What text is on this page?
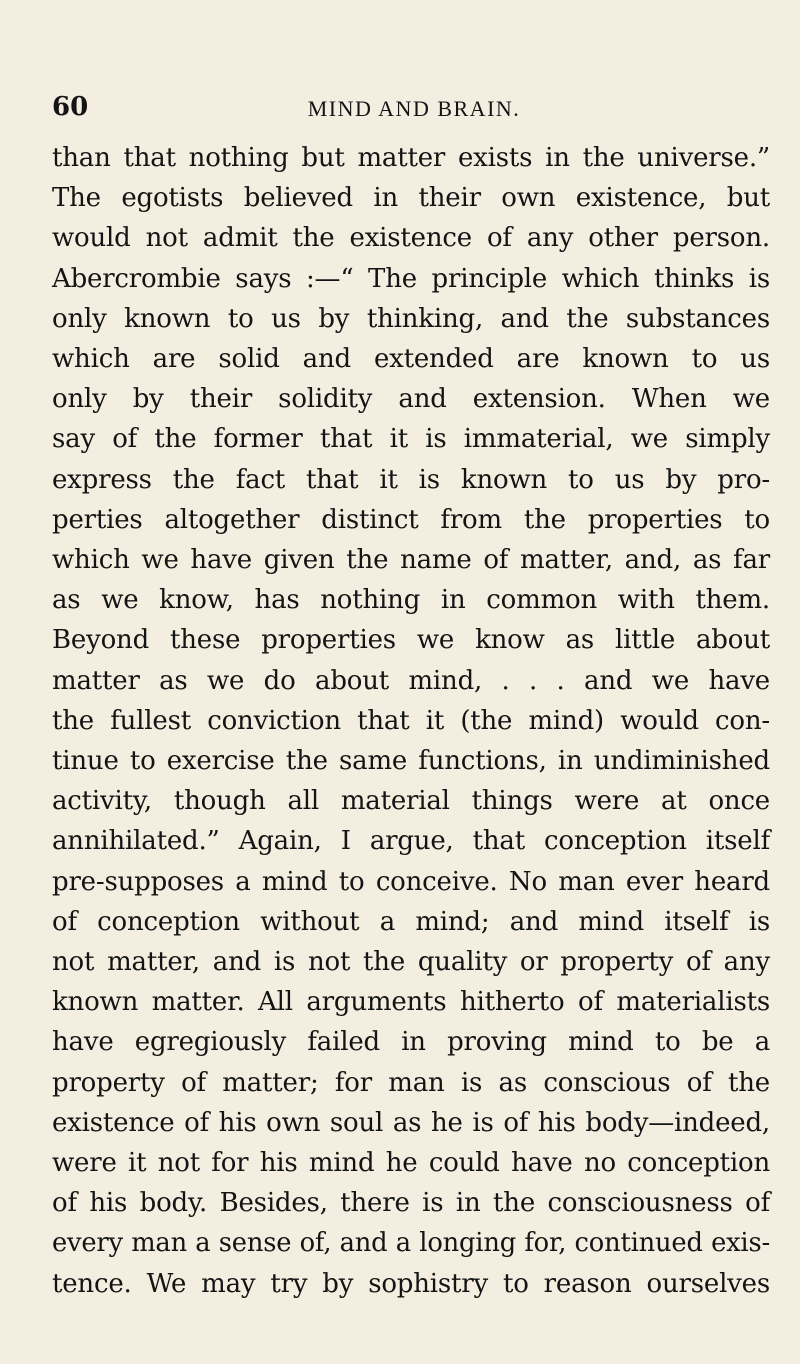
60	MIND AND BRAIN.
than that nothing but matter exists in the universe.”
The egotists believed in their own existence, but
would not admit the existence of any other person.
Abercrombie says :—“ The principle which thinks is
only known to us by thinking, and the substances
which are solid and extended are known to us
only by their solidity and extension. When we
say of the former that it is immaterial, we simply
express the fact that it is known to us by pro-
perties altogether distinct from the properties to
which we have given the name of matter, and, as far
as we know, has nothing in common with them.
Beyond these properties we know as little about
matter as we do about mind, . . . and we have
the fullest conviction that it (the mind) would con-
tinue to exercise the same functions, in undiminished
activity, though all material things were at once
annihilated.” Again, I argue, that conception itself
pre-supposes a mind to conceive. No man ever heard
of conception without a mind; and mind itself is
not matter, and is not the quality or property of any
known matter. All arguments hitherto of materialists
have egregiously failed in proving mind to be a
property of matter; for man is as conscious of the
existence of his own soul as he is of his body—indeed,
were it not for his mind he could have no conception
of his body. Besides, there is in the consciousness of
every man a sense of, and a longing for, continued exis-
tence. We may try by sophistry to reason ourselves
